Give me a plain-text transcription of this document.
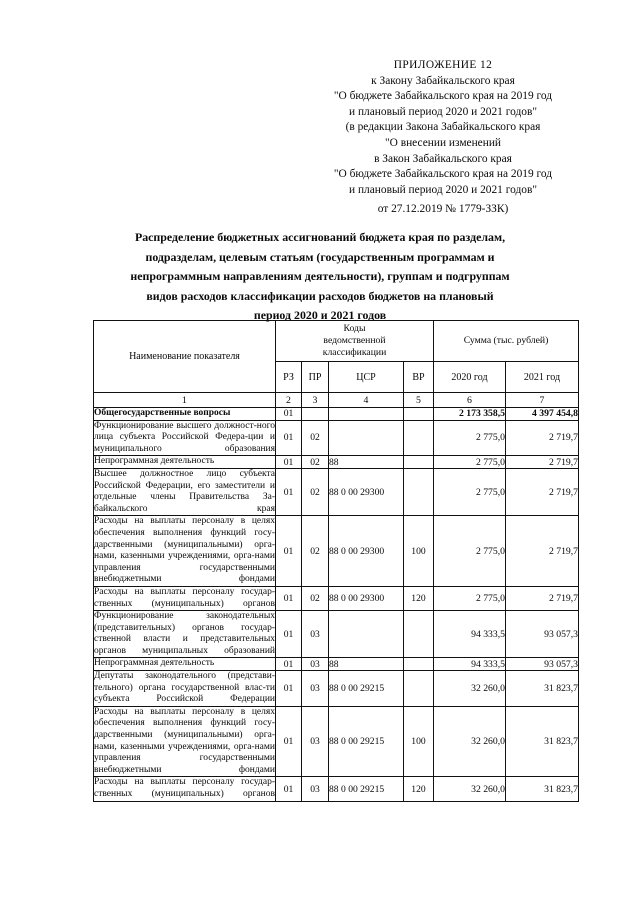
ПРИЛОЖЕНИЕ 12
к Закону Забайкальского края
"О бюджете Забайкальского края на 2019 год
и плановый период 2020 и 2021 годов"
(в редакции Закона Забайкальского края
"О внесении изменений
в Закон Забайкальского края
"О бюджете Забайкальского края на 2019 год
и плановый период 2020 и 2021 годов"
от 27.12.2019 № 1779-ЗЗК)
Распределение бюджетных ассигнований бюджета края по разделам,
подразделам, целевым статьям (государственным программам и
непрограммным направлениям деятельности), группам и подгруппам
видов расходов классификации расходов бюджетов на плановый
период 2020 и 2021 годов
Наименование показателя	Коды
ведомственной
классификации				Сумма (тыс. рублей)	
	РЗ	ПР	ЦСР	ВР	2020 год	2021 год
1	2	3	4	5	6	7
Общегосударственные вопросы	01				2 173 358,5	4 397 454,8
Функционирование высшего должност-ного лица субъекта Российской Федера-ции и муниципального образования	01	02			2 775,0	2 719,7
Непрограммная деятельность	01	02	88		2 775,0	2 719,7
Высшее должностное лицо субъекта Российской Федерации, его заместители и отдельные члены Правительства За-байкальского края	01	02	88 0 00 29300		2 775,0	2 719,7
Расходы на выплаты персоналу в целях обеспечения выполнения функций госу-дарственными (муниципальными) орга-нами, казенными учреждениями, орга-нами управления государственными внебюджетными фондами	01	02	88 0 00 29300	100	2 775,0	2 719,7
Расходы на выплаты персоналу государ-ственных (муниципальных) органов	01	02	88 0 00 29300	120	2 775,0	2 719,7
Функционирование законодательных (представительных) органов государ-ственной власти и представительных органов муниципальных образований	01	03			94 333,5	93 057,3
Непрограммная деятельность	01	03	88		94 333,5	93 057,3
Депутаты законодательного (представи-тельного) органа государственной влас-ти субъекта Российской Федерации	01	03	88 0 00 29215		32 260,0	31 823,7
Расходы на выплаты персоналу в целях обеспечения выполнения функций госу-дарственными (муниципальными) орга-нами, казенными учреждениями, орга-нами управления государственными внебюджетными фондами	01	03	88 0 00 29215	100	32 260,0	31 823,7
Расходы на выплаты персоналу государ-ственных (муниципальных) органов	01	03	88 0 00 29215	120	32 260,0	31 823,7
